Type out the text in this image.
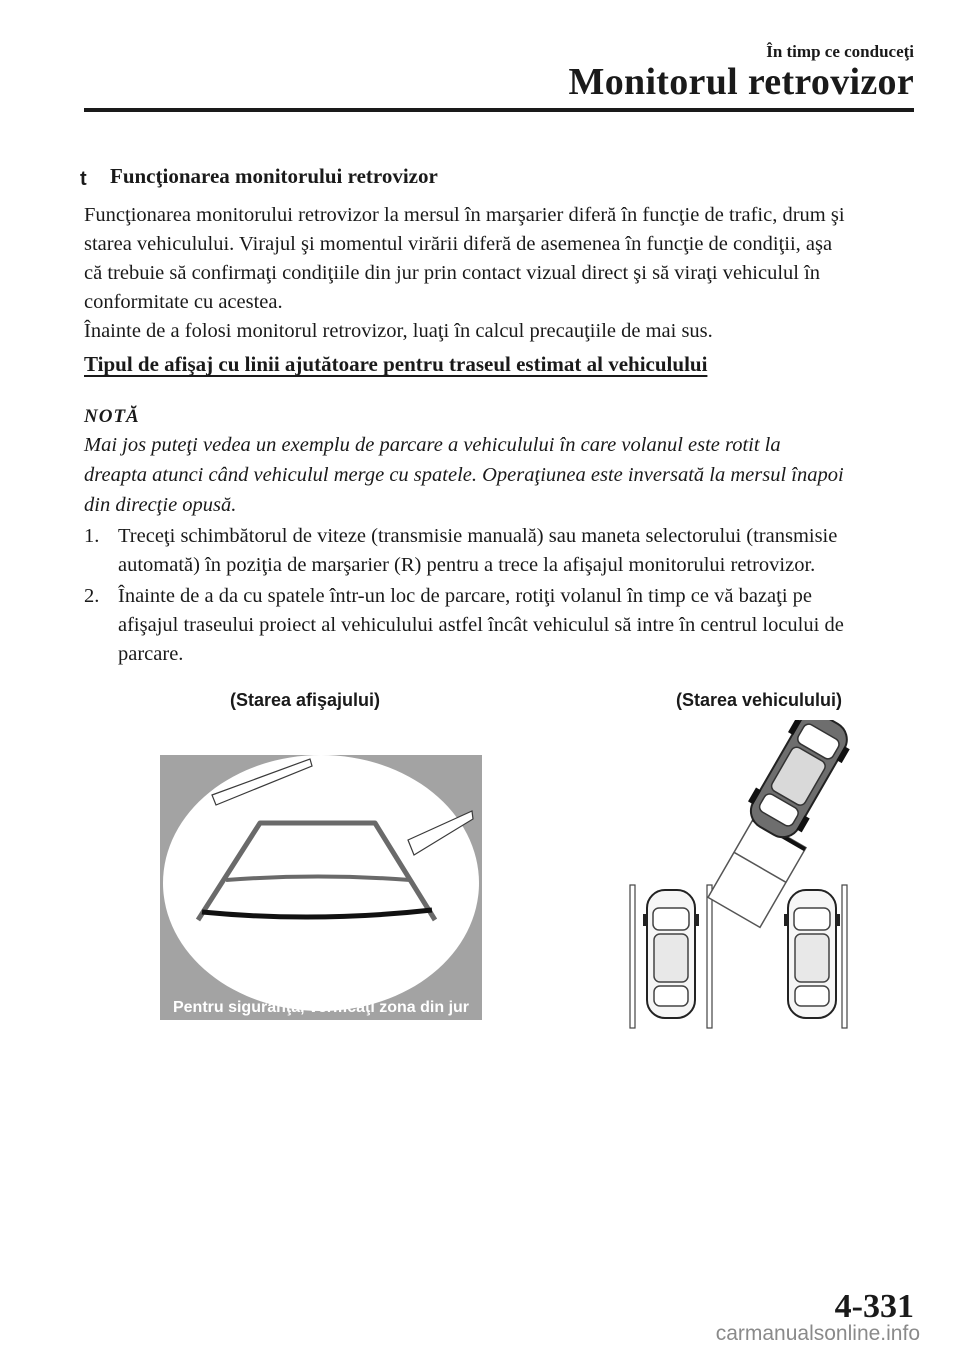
În timp ce conduceţi
Monitorul retrovizor
t Funcţionarea monitorului retrovizor
Funcţionarea monitorului retrovizor la mersul în marşarier diferă în funcţie de trafic, drum şi
starea vehiculului. Virajul şi momentul virării diferă de asemenea în funcţie de condiţii, aşa
că trebuie să confirmaţi condiţiile din jur prin contact vizual direct şi să viraţi vehiculul în
conformitate cu acestea.
Înainte de a folosi monitorul retrovizor, luaţi în calcul precauţiile de mai sus.
Tipul de afişaj cu linii ajutătoare pentru traseul estimat al vehiculului
NOTĂ
Mai jos puteţi vedea un exemplu de parcare a vehiculului în care volanul este rotit la
dreapta atunci când vehiculul merge cu spatele. Operaţiunea este inversată la mersul înapoi
din direcţie opusă.
1. Treceţi schimbătorul de viteze (transmisie manuală) sau maneta selectorului (transmisie
automată) în poziţia de marşarier (R) pentru a trece la afişajul monitorului retrovizor.
2. Înainte de a da cu spatele într-un loc de parcare, rotiţi volanul în timp ce vă bazaţi pe
afişajul traseului proiect al vehiculului astfel încât vehiculul să intre în centrul locului de
parcare.
(Starea afişajului)	(Starea vehiculului)
Pentru siguranţă, verificaţi zona din jur
4-331
carmanualsonline.info
